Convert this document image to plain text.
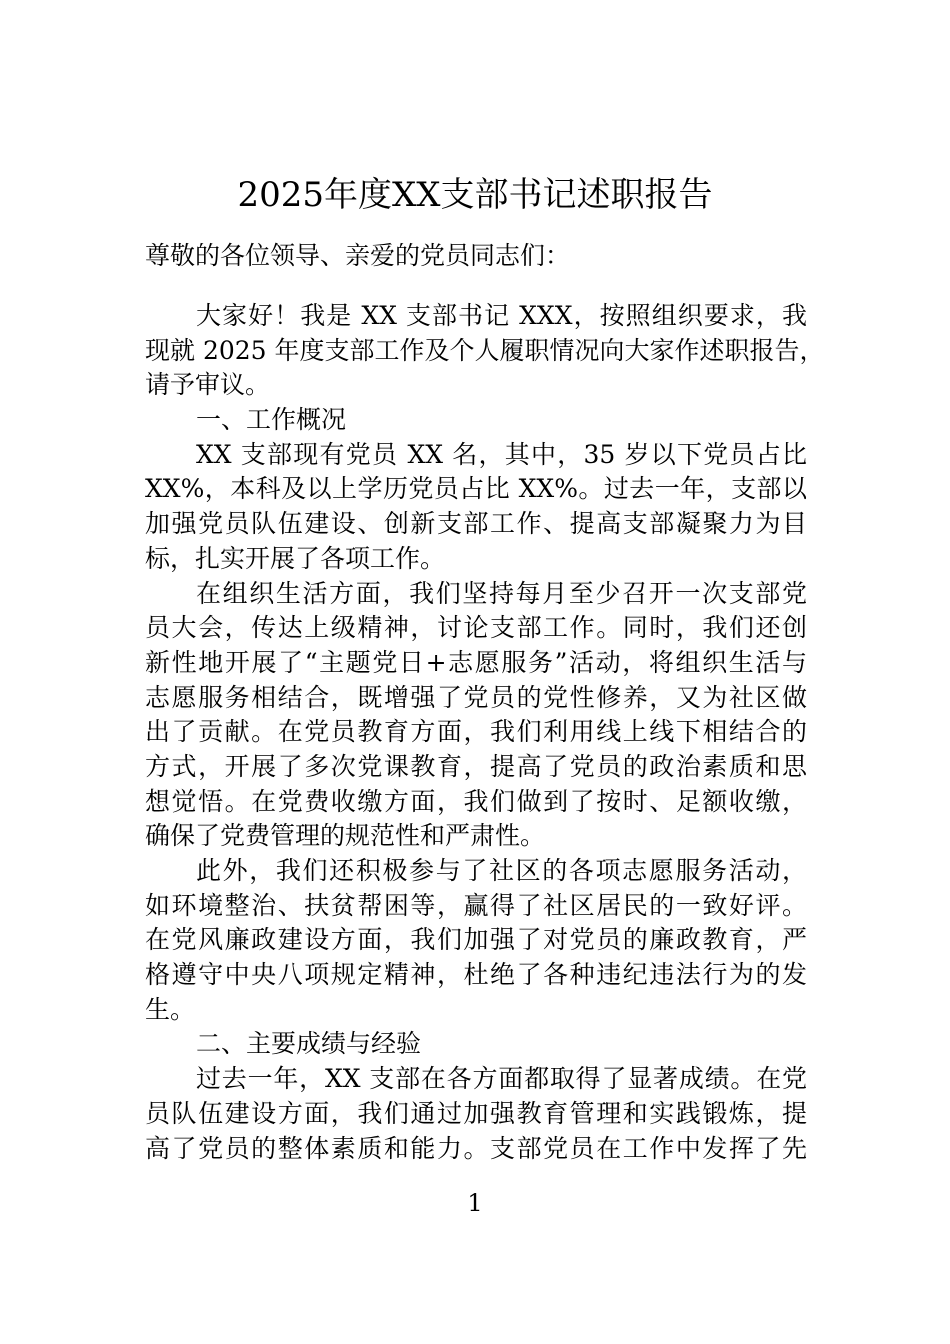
2025年度XX支部书记述职报告
尊敬的各位领导、亲爱的党员同志们：
大家好！我是 XX 支部书记 XXX，按照组织要求，我
现就 2025 年度支部工作及个人履职情况向大家作述职报告，
请予审议。
一、工作概况
XX 支部现有党员 XX 名，其中，35 岁以下党员占比
XX%，本科及以上学历党员占比 XX%。过去一年，支部以
加强党员队伍建设、创新支部工作、提高支部凝聚力为目
标，扎实开展了各项工作。
在组织生活方面，我们坚持每月至少召开一次支部党
员大会，传达上级精神，讨论支部工作。同时，我们还创
新性地开展了“主题党日+志愿服务”活动，将组织生活与
志愿服务相结合，既增强了党员的党性修养，又为社区做
出了贡献。在党员教育方面，我们利用线上线下相结合的
方式，开展了多次党课教育，提高了党员的政治素质和思
想觉悟。在党费收缴方面，我们做到了按时、足额收缴，
确保了党费管理的规范性和严肃性。
此外，我们还积极参与了社区的各项志愿服务活动，
如环境整治、扶贫帮困等，赢得了社区居民的一致好评。
在党风廉政建设方面，我们加强了对党员的廉政教育，严
格遵守中央八项规定精神，杜绝了各种违纪违法行为的发
生。
二、主要成绩与经验
过去一年，XX 支部在各方面都取得了显著成绩。在党
员队伍建设方面，我们通过加强教育管理和实践锻炼，提
高了党员的整体素质和能力。支部党员在工作中发挥了先
1
